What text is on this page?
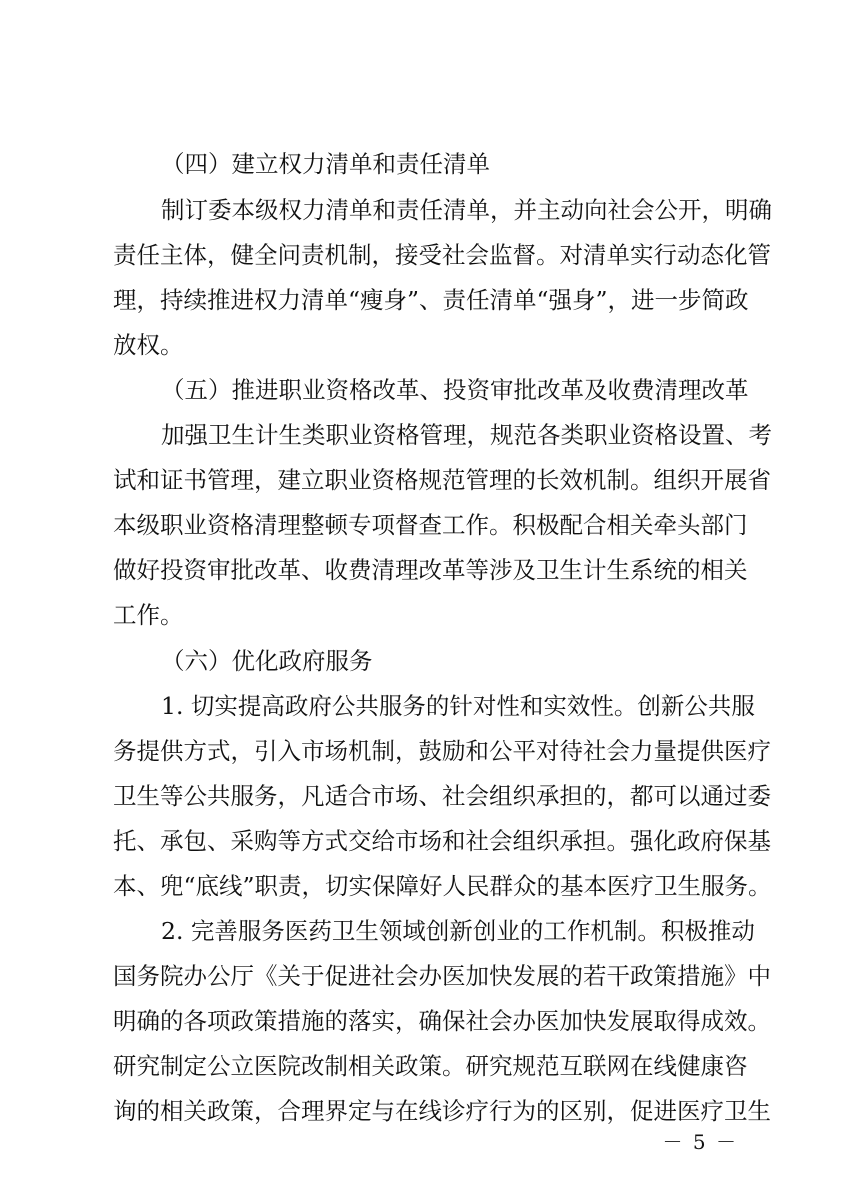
（四）建立权力清单和责任清单
制订委本级权力清单和责任清单，并主动向社会公开，明确
责任主体，健全问责机制，接受社会监督。对清单实行动态化管
理，持续推进权力清单“瘦身”、责任清单“强身”，进一步简政
放权。
（五）推进职业资格改革、投资审批改革及收费清理改革
加强卫生计生类职业资格管理，规范各类职业资格设置、考
试和证书管理，建立职业资格规范管理的长效机制。组织开展省
本级职业资格清理整顿专项督查工作。积极配合相关牵头部门
做好投资审批改革、收费清理改革等涉及卫生计生系统的相关
工作。
（六）优化政府服务
1. 切实提高政府公共服务的针对性和实效性。创新公共服
务提供方式，引入市场机制，鼓励和公平对待社会力量提供医疗
卫生等公共服务，凡适合市场、社会组织承担的，都可以通过委
托、承包、采购等方式交给市场和社会组织承担。强化政府保基
本、兜“底线”职责，切实保障好人民群众的基本医疗卫生服务。
2. 完善服务医药卫生领域创新创业的工作机制。积极推动
国务院办公厅《关于促进社会办医加快发展的若干政策措施》中
明确的各项政策措施的落实，确保社会办医加快发展取得成效。
研究制定公立医院改制相关政策。研究规范互联网在线健康咨
询的相关政策，合理界定与在线诊疗行为的区别，促进医疗卫生
－ 5 －
